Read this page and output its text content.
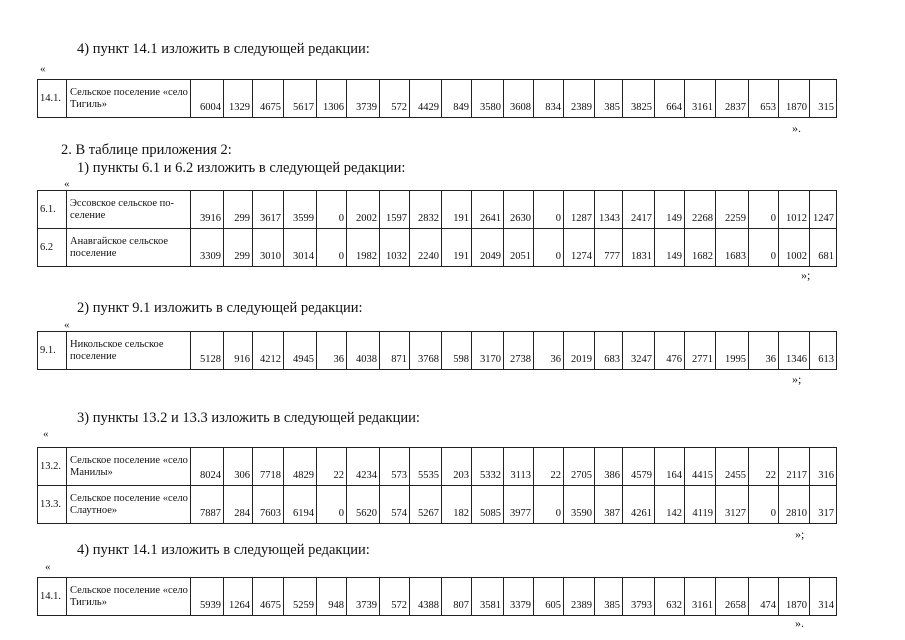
4) пункт 14.1 изложить в следующей редакции:
«
14.1.	Сельское поселение «село Тигиль»	6004	1329	4675	5617	1306	3739	572	4429	849	3580	3608	834	2389	385	3825	664	3161	2837	653	1870	315
».
2. В таблице приложения 2:
1) пункты 6.1 и 6.2 изложить в следующей редакции:
«
6.1.	Эссовское сельское по-селение	3916	299	3617	3599	0	2002	1597	2832	191	2641	2630	0	1287	1343	2417	149	2268	2259	0	1012	1247
6.2	Анавгайское сельское поселение	3309	299	3010	3014	0	1982	1032	2240	191	2049	2051	0	1274	777	1831	149	1682	1683	0	1002	681
»;
2) пункт 9.1 изложить в следующей редакции:
«
9.1.	Никольское сельское поселение	5128	916	4212	4945	36	4038	871	3768	598	3170	2738	36	2019	683	3247	476	2771	1995	36	1346	613
»;
3) пункты 13.2 и 13.3 изложить в следующей редакции:
«
13.2.	Сельское поселение «село Манилы»	8024	306	7718	4829	22	4234	573	5535	203	5332	3113	22	2705	386	4579	164	4415	2455	22	2117	316
13.3.	Сельское поселение «село Слаутное»	7887	284	7603	6194	0	5620	574	5267	182	5085	3977	0	3590	387	4261	142	4119	3127	0	2810	317
»;
4) пункт 14.1 изложить в следующей редакции:
«
14.1.	Сельское поселение «село Тигиль»	5939	1264	4675	5259	948	3739	572	4388	807	3581	3379	605	2389	385	3793	632	3161	2658	474	1870	314
».
